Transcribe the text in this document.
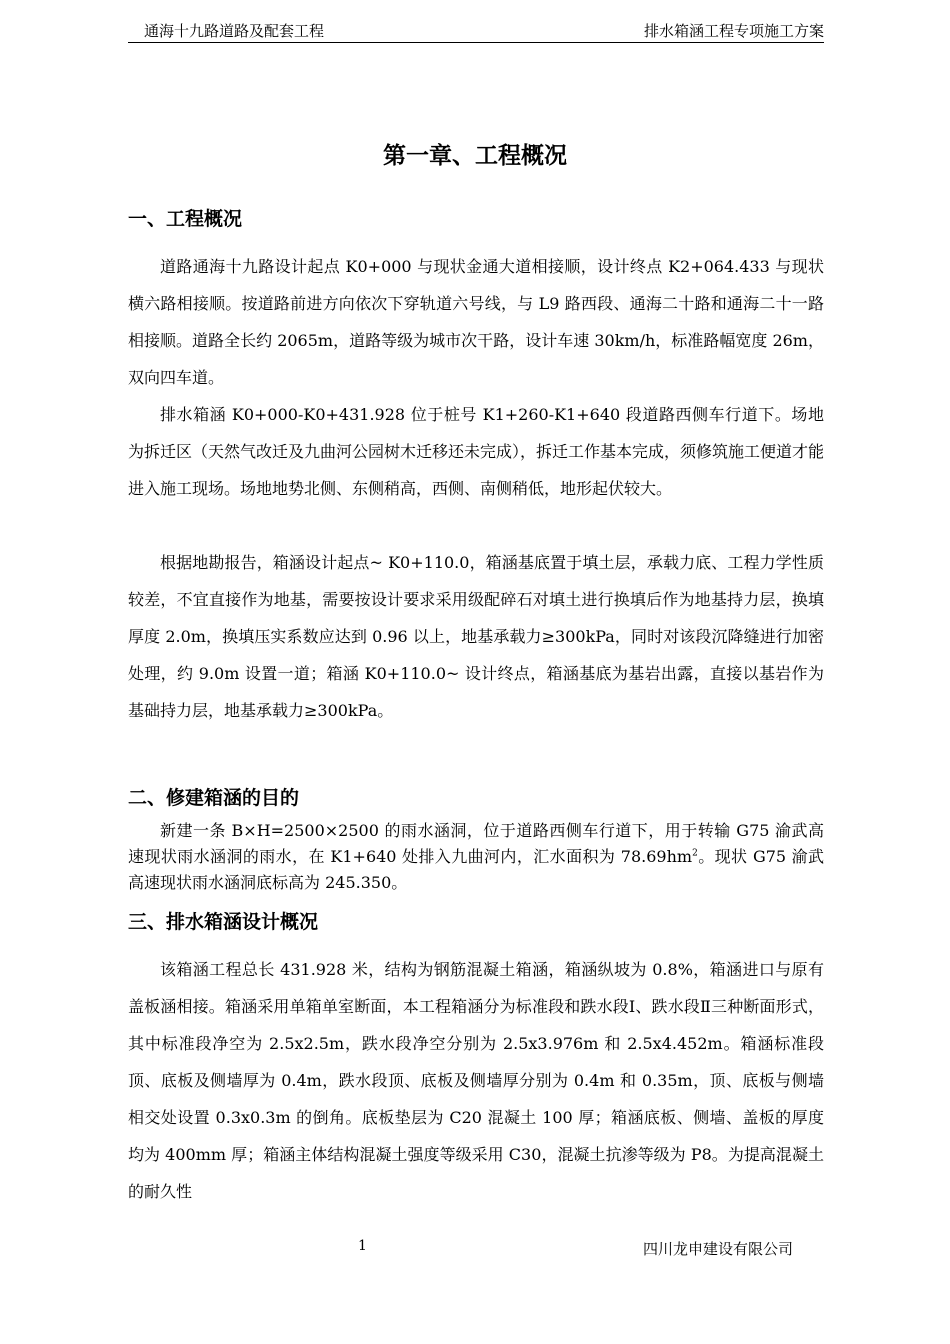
通海十九路道路及配套工程	排水箱涵工程专项施工方案
第一章、工程概况
一、工程概况

道路通海十九路设计起点 K0+000 与现状金通大道相接顺，设计终点 K2+064.433 与现状横六路相接顺。按道路前进方向依次下穿轨道六号线，与 L9 路西段、通海二十路和通海二十一路相接顺。道路全长约 2065m，道路等级为城市次干路，设计车速 30km/h，标准路幅宽度 26m，双向四车道。

排水箱涵 K0+000-K0+431.928 位于桩号 K1+260-K1+640 段道路西侧车行道下。场地为拆迁区（天然气改迁及九曲河公园树木迁移还未完成），拆迁工作基本完成，须修筑施工便道才能进入施工现场。场地地势北侧、东侧稍高，西侧、南侧稍低，地形起伏较大。

根据地勘报告，箱涵设计起点~ K0+110.0，箱涵基底置于填土层，承载力底、工程力学性质较差，不宜直接作为地基，需要按设计要求采用级配碎石对填土进行换填后作为地基持力层，换填厚度 2.0m，换填压实系数应达到 0.96 以上，地基承载力≥300kPa，同时对该段沉降缝进行加密处理，约 9.0m 设置一道；箱涵 K0+110.0~ 设计终点，箱涵基底为基岩出露，直接以基岩作为基础持力层，地基承载力≥300kPa。

二、修建箱涵的目的

新建一条 B×H=2500×2500 的雨水涵洞，位于道路西侧车行道下，用于转输 G75 渝武高速现状雨水涵洞的雨水，在 K1+640 处排入九曲河内，汇水面积为 $78.69hm^2$。现状 G75 渝武高速现状雨水涵洞底标高为 245.350。

三、排水箱涵设计概况

该箱涵工程总长 431.928 米，结构为钢筋混凝土箱涵，箱涵纵坡为 0.8%，箱涵进口与原有盖板涵相接。箱涵采用单箱单室断面，本工程箱涵分为标准段和跌水段Ⅰ、跌水段Ⅱ三种断面形式，其中标准段净空为 2.5x2.5m，跌水段净空分别为 2.5x3.976m 和 2.5x4.452m。箱涵标准段顶、底板及侧墙厚为 0.4m，跌水段顶、底板及侧墙厚分别为 0.4m 和 0.35m，顶、底板与侧墙相交处设置 0.3x0.3m 的倒角。底板垫层为 C20 混凝土 100 厚；箱涵底板、侧墙、盖板的厚度均为 400mm 厚；箱涵主体结构混凝土强度等级采用 C30，混凝土抗渗等级为 P8。为提高混凝土的耐久性

1	四川龙申建设有限公司
